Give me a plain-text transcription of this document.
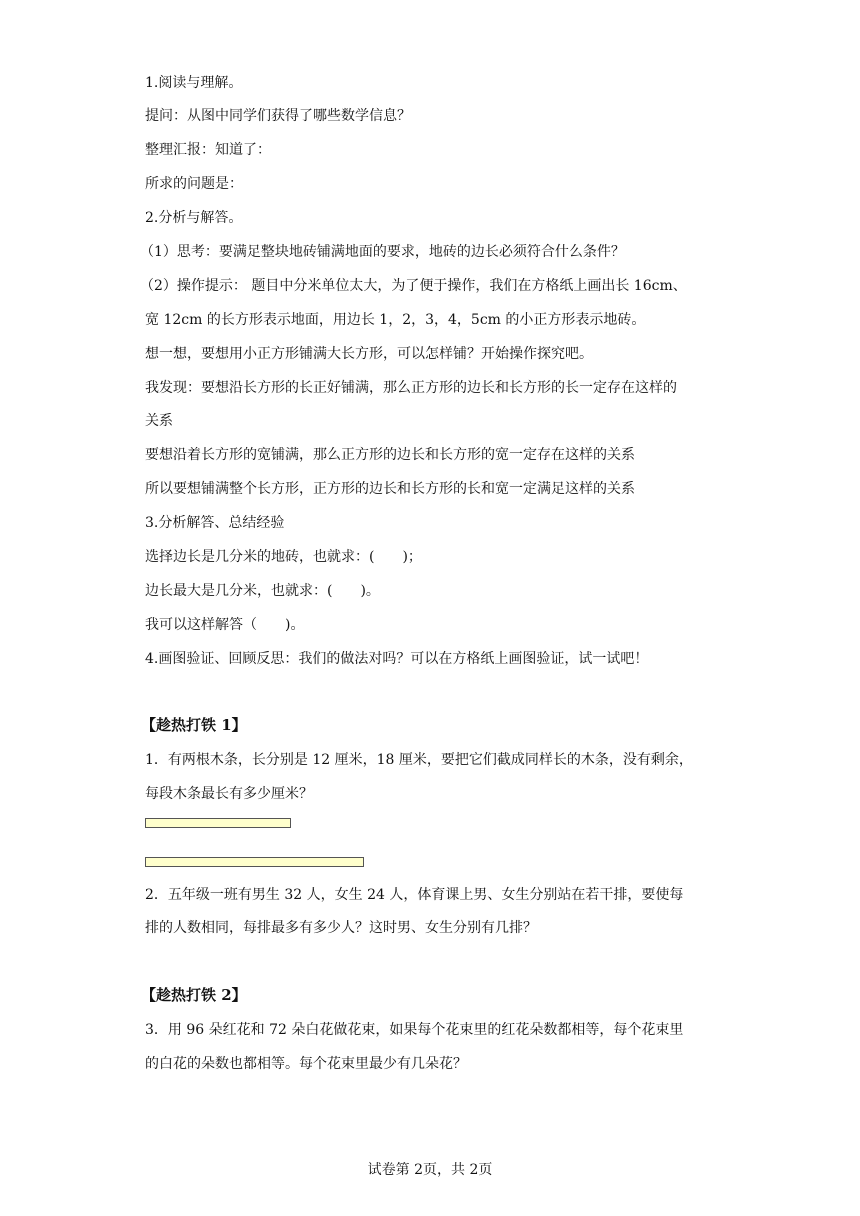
1.阅读与理解。
提问：从图中同学们获得了哪些数学信息？
整理汇报：知道了：
所求的问题是：
2.分析与解答。
（1）思考：要满足整块地砖铺满地面的要求，地砖的边长必须符合什么条件？
（2）操作提示： 题目中分米单位太大，为了便于操作，我们在方格纸上画出长 16cm、
宽 12cm 的长方形表示地面，用边长 1，2，3，4，5cm 的小正方形表示地砖。
想一想，要想用小正方形铺满大长方形，可以怎样铺？开始操作探究吧。
我发现：要想沿长方形的长正好铺满，那么正方形的边长和长方形的长一定存在这样的
关系
要想沿着长方形的宽铺满，那么正方形的边长和长方形的宽一定存在这样的关系
所以要想铺满整个长方形，正方形的边长和长方形的长和宽一定满足这样的关系
3.分析解答、总结经验
选择边长是几分米的地砖，也就求：(　　)；
边长最大是几分米，也就求：(　　)。
我可以这样解答（　　)。
4.画图验证、回顾反思：我们的做法对吗？可以在方格纸上画图验证，试一试吧！
【趁热打铁 1】
1．有两根木条，长分别是 12 厘米，18 厘米，要把它们截成同样长的木条，没有剩余，
每段木条最长有多少厘米？
2．五年级一班有男生 32 人，女生 24 人，体育课上男、女生分别站在若干排，要使每
排的人数相同，每排最多有多少人？这时男、女生分别有几排？
【趁热打铁 2】
3．用 96 朵红花和 72 朵白花做花束，如果每个花束里的红花朵数都相等，每个花束里
的白花的朵数也都相等。每个花束里最少有几朵花？
试卷第 2页，共 2页
